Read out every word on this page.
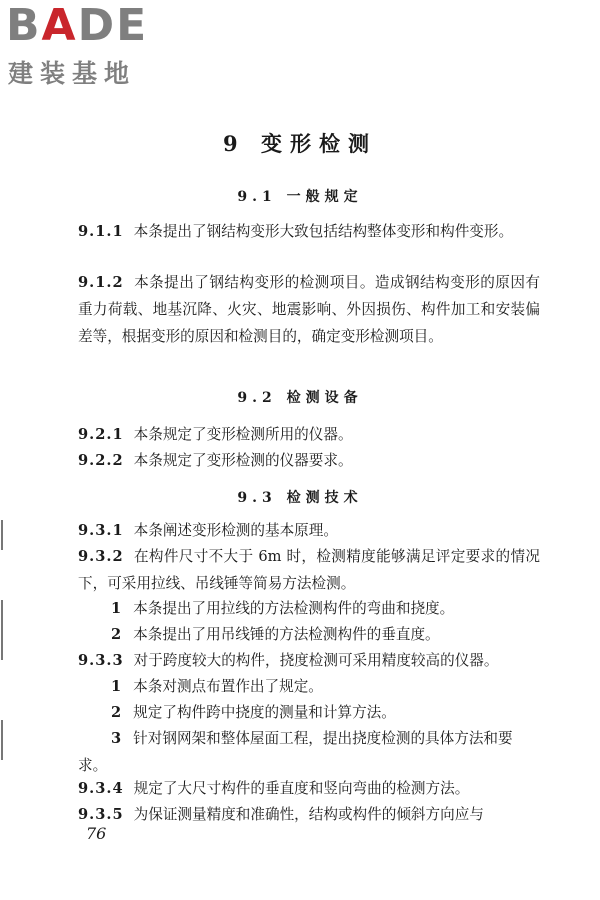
BADE
建装基地
9 变形检测
9.1 一般规定

9.1.1 本条提出了钢结构变形大致包括结构整体变形和构件变形。

9.1.2 本条提出了钢结构变形的检测项目。造成钢结构变形的原因有重力荷载、地基沉降、火灾、地震影响、外因损伤、构件加工和安装偏差等，根据变形的原因和检测目的，确定变形检测项目。

9.2 检测设备

9.2.1 本条规定了变形检测所用的仪器。

9.2.2 本条规定了变形检测的仪器要求。

9.3 检测技术

9.3.1 本条阐述变形检测的基本原理。

9.3.2 在构件尺寸不大于 6m 时，检测精度能够满足评定要求的情况下，可采用拉线、吊线锤等简易方法检测。

1 本条提出了用拉线的方法检测构件的弯曲和挠度。

2 本条提出了用吊线锤的方法检测构件的垂直度。

9.3.3 对于跨度较大的构件，挠度检测可采用精度较高的仪器。

1 本条对测点布置作出了规定。

2 规定了构件跨中挠度的测量和计算方法。

3 针对钢网架和整体屋面工程，提出挠度检测的具体方法和要求。

9.3.4 规定了大尺寸构件的垂直度和竖向弯曲的检测方法。

9.3.5 为保证测量精度和准确性，结构或构件的倾斜方向应与

76
